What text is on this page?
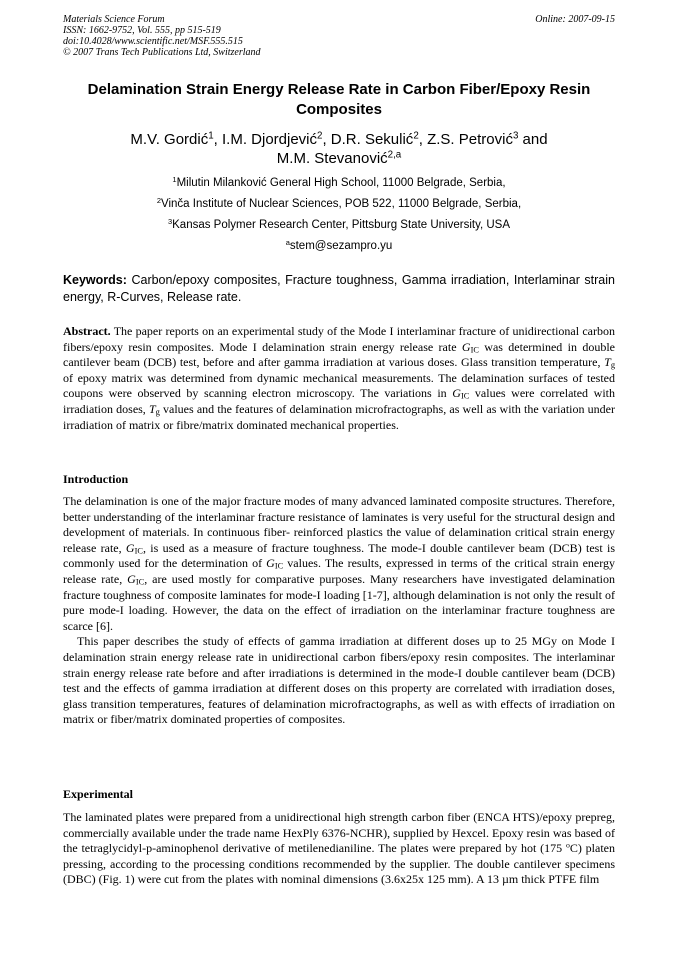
Materials Science Forum
ISSN: 1662-9752, Vol. 555, pp 515-519
doi:10.4028/www.scientific.net/MSF.555.515
© 2007 Trans Tech Publications Ltd, Switzerland
Online: 2007-09-15
Delamination Strain Energy Release Rate in Carbon Fiber/Epoxy Resin Composites
M.V. Gordić$^1$, I.M. Djordjević$^2$, D.R. Sekulić$^2$, Z.S. Petrović$^3$ and
M.M. Stevanović$^{2,a}$
$^1$Milutin Milanković General High School, 11000 Belgrade, Serbia,
$^2$Vinča Institute of Nuclear Sciences, POB 522, 11000 Belgrade, Serbia,
$^3$Kansas Polymer Research Center, Pittsburg State University, USA
$^a$stem@sezampro.yu
Keywords: Carbon/epoxy composites, Fracture toughness, Gamma irradiation, Interlaminar strain energy, R-Curves, Release rate.
Abstract. The paper reports on an experimental study of the Mode I interlaminar fracture of unidirectional carbon fibers/epoxy resin composites. Mode I delamination strain energy release rate $G_{IC}$ was determined in double cantilever beam (DCB) test, before and after gamma irradiation at various doses. Glass transition temperature, $T_g$ of epoxy matrix was determined from dynamic mechanical measurements. The delamination surfaces of tested coupons were observed by scanning electron microscopy. The variations in $G_{IC}$ values were correlated with irradiation doses, $T_g$ values and the features of delamination microfractographs, as well as with the variation under irradiation of matrix or fibre/matrix dominated mechanical properties.
Introduction

The delamination is one of the major fracture modes of many advanced laminated composite structures. Therefore, better understanding of the interlaminar fracture resistance of laminates is very useful for the structural design and development of materials. In continuous fiber- reinforced plastics the value of delamination critical strain energy release rate, $G_{IC}$, is used as a measure of fracture toughness. The mode-I double cantilever beam (DCB) test is commonly used for the determination of $G_{IC}$ values. The results, expressed in terms of the critical strain energy release rate, $G_{IC}$, are used mostly for comparative purposes. Many researchers have investigated delamination fracture toughness of composite laminates for mode-I loading [1-7], although delamination is not only the result of pure mode-I loading. However, the data on the effect of irradiation on the interlaminar fracture toughness are scarce [6].

This paper describes the study of effects of gamma irradiation at different doses up to 25 MGy on Mode I delamination strain energy release rate in unidirectional carbon fibers/epoxy resin composites. The interlaminar strain energy release rate before and after irradiations is determined in the mode-I double cantilever beam (DCB) test and the effects of gamma irradiation at different doses on this property are correlated with irradiation doses, glass transition temperatures, features of delamination microfractographs, as well as with effects of irradiation on matrix or fiber/matrix dominated properties of composites.

Experimental
The laminated plates were prepared from a unidirectional high strength carbon fiber (ENCA HTS)/epoxy prepreg, commercially available under the trade name HexPly 6376-NCHR), supplied by Hexcel. Epoxy resin was based of the tetraglycidyl-p-aminophenol derivative of metilenedianiline. The plates were prepared by hot (175 $^o$C) platen pressing, according to the processing conditions recommended by the supplier. The double cantilever specimens (DBC) (Fig. 1) were cut from the plates with nominal dimensions (3.6x25x 125 mm). A 13 µm thick PTFE film
